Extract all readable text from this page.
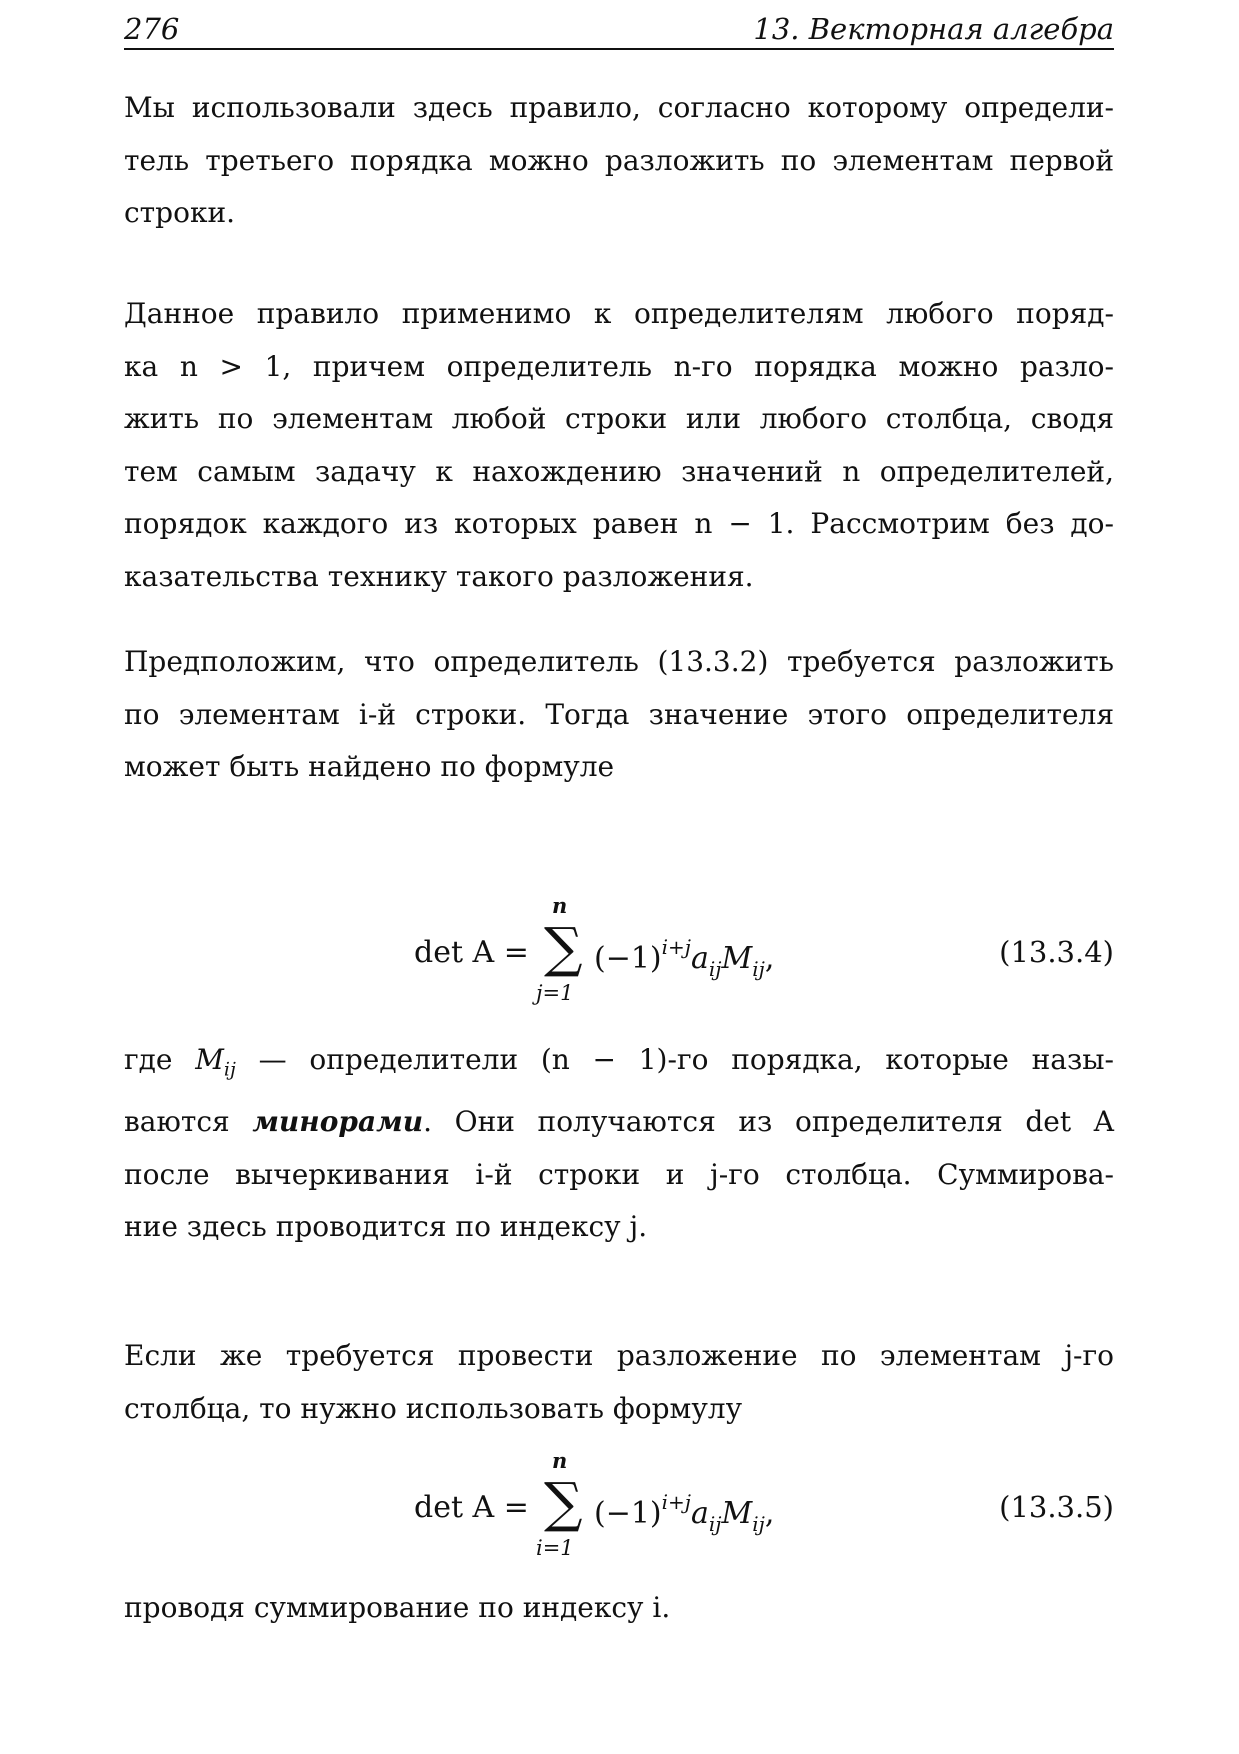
276	13. Векторная алгебра
Мы использовали здесь правило, согласно которому определи-
тель третьего порядка можно разложить по элементам первой
строки.
Данное правило применимо к определителям любого поряд-
ка n > 1, причем определитель n-го порядка можно разло-
жить по элементам любой строки или любого столбца, сводя
тем самым задачу к нахождению значений n определителей,
порядок каждого из которых равен n − 1. Рассмотрим без до-
казательства технику такого разложения.
Предположим, что определитель (13.3.2) требуется разложить
по элементам i-й строки. Тогда значение этого определителя
может быть найдено по формуле
det A =
n
∑
j=1
$(-1)^{i+j}a_{ij}M_{ij}$,	(13.3.4)
где $M_{ij}$ — определители (n − 1)-го порядка, которые назы-
ваются минорами. Они получаются из определителя det A
после вычеркивания i-й строки и j-го столбца. Суммирова-
ние здесь проводится по индексу j.
Если же требуется провести разложение по элементам j-го
столбца, то нужно использовать формулу
det A =
n
∑
i=1
$(-1)^{i+j}a_{ij}M_{ij}$,	(13.3.5)
проводя суммирование по индексу i.
